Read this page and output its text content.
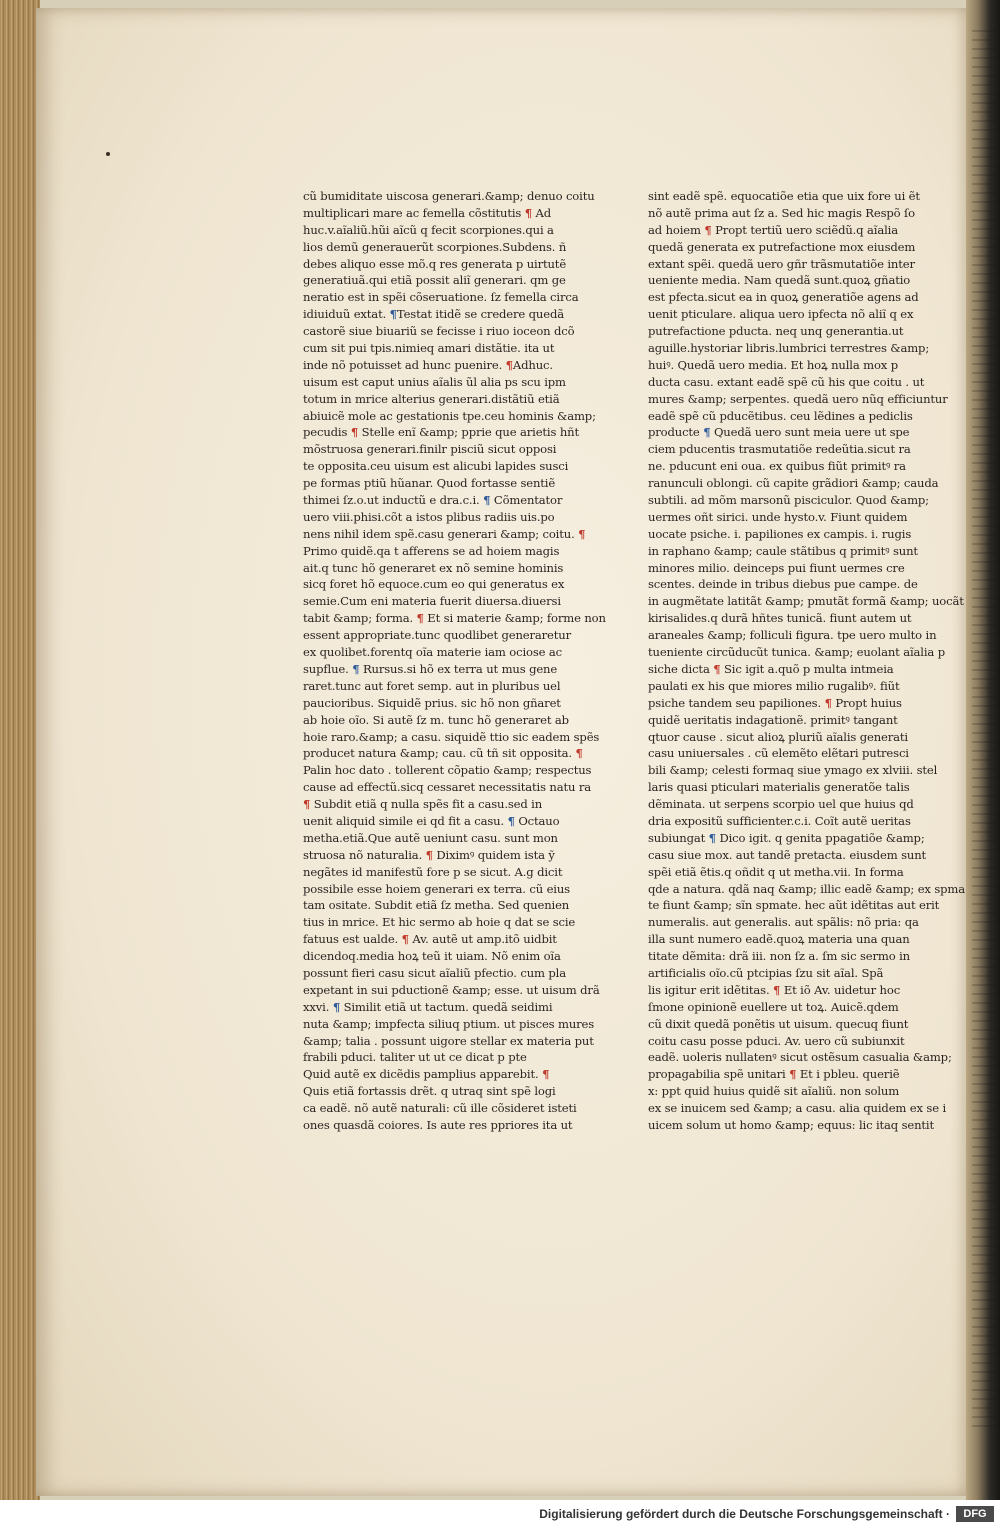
cũ bumiditate uiscosa generari.&amp; denuo coitu
multiplicari mare ac femella cõstitutis ¶ Ad
huc.v.aĩaliũ.hũi aĩcũ q fecit scorpiones.qui a
lios demũ generauerũt scorpiones.Subdens. ñ
debes aliquo esse mõ.q res generata p uirtutẽ
generatiuã.qui etiã possit aliĩ generari. qm ge
neratio est in spẽi cõseruatione. ſz femella circa
idiuiduũ extat. ¶Testat itidẽ se credere quedã
castorẽ siue biuariũ se fecisse i riuo ioceon dcõ
cum sit pui tpis.nimieq amari distãtie. ita ut
inde nõ potuisset ad hunc puenire. ¶Adhuc.
uisum est caput unius aĩalis ũl alia ps scu ipm
totum in mrice alterius generari.distãtiũ etiã
abiuicẽ mole ac gestationis tpe.ceu hominis &amp;
pecudis ¶ Stelle enĩ &amp; pprie que arietis hñt
mõstruosa generari.finilr pisciũ sicut opposi
te opposita.ceu uisum est alicubi lapides susci
pe formas ptiũ hũanar. Quod fortasse sentiẽ
thimei ſz.o.ut inductũ e dra.c.i. ¶ Cõmentator
uero viii.phisi.cõt a istos plibus radiis uis.po
nens nihil idem spẽ.casu generari &amp; coitu. ¶
Primo quidẽ.qa t afferens se ad hoiem magis
ait.q tunc hõ generaret ex nõ semine hominis
sicq foret hõ equoce.cum eo qui generatus ex
semie.Cum eni materia fuerit diuersa.diuersi
tabit &amp; forma. ¶ Et si materie &amp; forme non
essent appropriate.tunc quodlibet generaretur
ex quolibet.forentq oĩa materie iam ociose ac
supflue. ¶ Rursus.si hõ ex terra ut mus gene
raret.tunc aut foret semp. aut in pluribus uel
paucioribus. Siquidẽ prius. sic hõ non gñaret
ab hoie oĩo. Si autẽ ſz m. tunc hõ generaret ab
hoie raro.&amp; a casu. siquidẽ ttio sic eadem spẽs
producet natura &amp; cau. cũ tñ sit opposita. ¶
Palin hoc dato . tollerent cõpatio &amp; respectus
cause ad effectũ.sicq cessaret necessitatis natu ra
¶ Subdit etiã q nulla spẽs fit a casu.sed in
uenit aliquid simile ei qd fit a casu. ¶ Octauo
metha.etiã.Que autẽ ueniunt casu. sunt mon
struosa nõ naturalia. ¶ Diximꝰ quidem ista ỹ
negãtes id manifestũ fore p se sicut. A.g dicit
possibile esse hoiem generari ex terra. cũ eius
tam ositate. Subdit etiã ſz metha. Sed quenien
tius in mrice. Et hic sermo ab hoie q dat se scie
fatuus est ualde. ¶ Av. autẽ ut amp.itõ uidbit
dicendoq.media hoꝝ teũ it uiam. Nõ enim oĩa
possunt fieri casu sicut aĩaliũ pfectio. cum pla
expetant in sui pductionẽ &amp; esse. ut uisum drã
xxvi. ¶ Similit etiã ut tactum. quedã seidimi
nuta &amp; impfecta siliuq ptium. ut pisces mures
&amp; talia . possunt uigore stellar ex materia put
frabili pduci. taliter ut ut ce dicat p pte
Quid autẽ ex dicẽdis pamplius apparebit. ¶
Quis etiã fortassis drẽt. q utraq sint spẽ logi
ca eadẽ. nõ autẽ naturali: cũ ille cõsideret isteti
ones quasdã coiores. Is aute res ppriores ita ut
sint eadẽ spẽ. equocatiõe etia que uix fore ui ẽt
nõ autẽ prima aut ſz a. Sed hic magis Respõ ſo
ad hoiem ¶ Propt tertiũ uero sciẽdũ.q aĩalia
quedã generata ex putrefactione mox eiusdem
extant spẽi. quedã uero gñr trãsmutatiõe inter
ueniente media. Nam quedã sunt.quoꝝ gñatio
est pfecta.sicut ea in quoꝝ generatiõe agens ad
uenit pticulare. aliqua uero ipfecta nõ aliĩ q ex
putrefactione pducta. neq unq generantia.ut
aguille.hystoriar libris.lumbrici terrestres &amp;
huiꝰ. Quedã uero media. Et hoꝝ nulla mox p
ducta casu. extant eadẽ spẽ cũ his que coitu . ut
mures &amp; serpentes. quedã uero nũq efficiuntur
eadẽ spẽ cũ pducẽtibus. ceu lẽdines a pediclis
producte ¶ Quedã uero sunt meia uere ut spe
ciem pducentis trasmutatiõe redeũtia.sicut ra
ne. pducunt eni oua. ex quibus fiũt primitꝰ ra
ranunculi oblongi. cũ capite grãdiori &amp; cauda
subtili. ad mõm marsonũ pisciculor. Quod &amp;
uermes oñt sirici. unde hysto.v. Fiunt quidem
uocate psiche. i. papiliones ex campis. i. rugis
in raphano &amp; caule stãtibus q primitꝰ sunt
minores milio. deinceps pui fiunt uermes cre
scentes. deinde in tribus diebus pue campe. de
in augmẽtate latitãt &amp; pmutãt formã &amp; uocãt
kirisalides.q durã hñtes tunicã. fiunt autem ut
araneales &amp; folliculi figura. tpe uero multo in
tueniente circũducũt tunica. &amp; euolant aĩalia p
siche dicta ¶ Sic igit a.quõ p multa intmeia
paulati ex his que miores milio rugalibꝰ. fiũt
psiche tandem seu papiliones. ¶ Propt huius
quidẽ ueritatis indagationẽ. primitꝰ tangant
qtuor cause . sicut alioꝝ pluriũ aĩalis generati
casu uniuersales . cũ elemẽto elẽtari putresci
bili &amp; celesti formaq siue ymago ex xlviii. stel
laris quasi pticulari materialis generatõe talis
dẽminata. ut serpens scorpio uel que huius qd
dria expositũ sufficienter.c.i. Coĩt autẽ ueritas
subiungat ¶ Dico igit. q genita ppagatiõe &amp;
casu siue mox. aut tandẽ pretacta. eiusdem sunt
spẽi etiã ẽtis.q oñdit q ut metha.vii. In forma
qde a natura. qdã naq &amp; illic eadẽ &amp; ex spma
te fiunt &amp; sĩn spmate. hec aũt idẽtitas aut erit
numeralis. aut generalis. aut spãlis: nõ pria: qa
illa sunt numero eadẽ.quoꝝ materia una quan
titate dẽmita: drã iii. non ſz a. ſm sic sermo in
artificialis oĩo.cũ ptcipias ſzu sit aĩal. Spã
lis igitur erit idẽtitas. ¶ Et iõ Av. uidetur hoc
ſmone opinionẽ euellere ut toꝝ. Auicẽ.qdem
cũ dixit quedã ponẽtis ut uisum. quecuq fiunt
coitu casu posse pduci. Av. uero cũ subiunxit
eadẽ. uoleris nullatenꝰ sicut ostẽsum casualia &amp;
propagabilia spẽ unitari ¶ Et i pbleu. queriẽ
x: ppt quid huius quidẽ sit aĩaliũ. non solum
ex se inuicem sed &amp; a casu. alia quidem ex se i
uicem solum ut homo &amp; equus: lic itaq sentit
Digitalisierung gefördert durch die Deutsche Forschungsgemeinschaft ·	DFG
